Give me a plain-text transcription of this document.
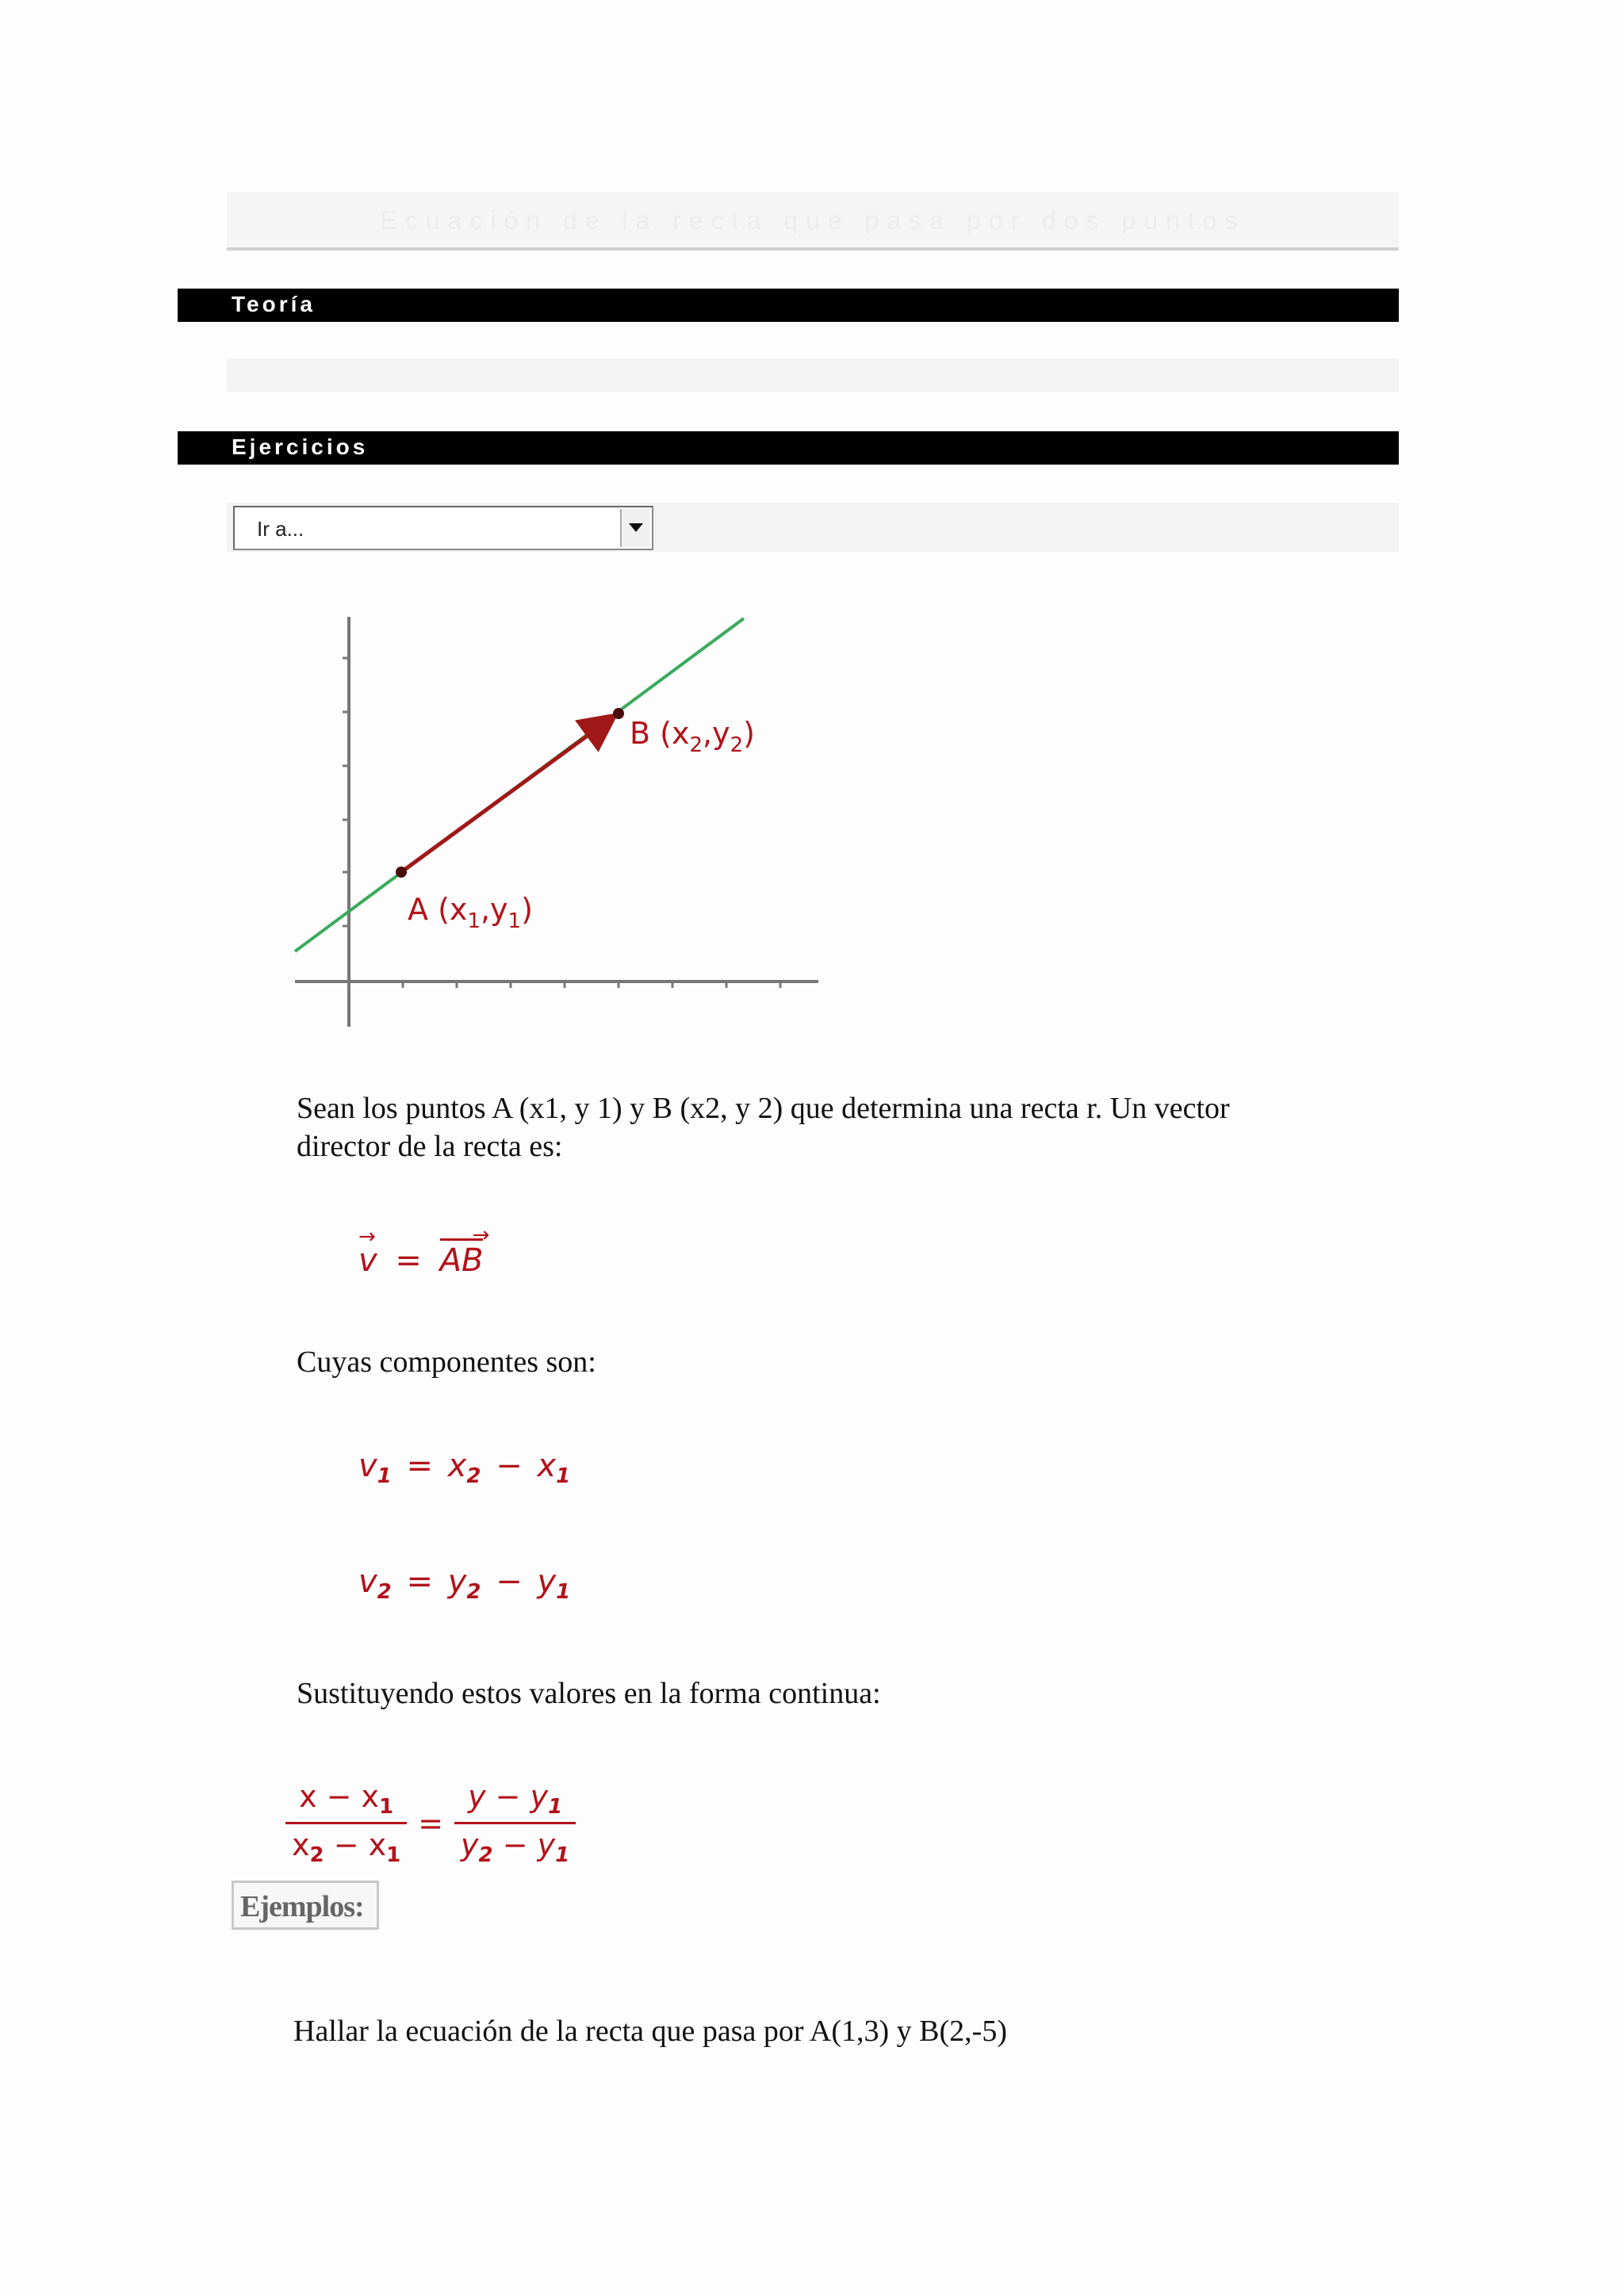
Ecuación de la recta que pasa por dos puntos
Teoría
Ejercicios
Ir a...
A $(x_1,y_1)$
B $(x_2,y_2)$
Sean los puntos A (x1, y 1) y B (x2, y 2) que determina una recta r. Un vector
director de la recta es:
→
v =
→
AB
Cuyas componentes son:
$v_1 = x_2 - x_1$
$v_2 = y_2 - y_1$
Sustituyendo estos valores en la forma continua:
$\frac{x - x_1}{x_2 - x_1} = \frac{y - y_1}{y_2 - y_1}$
Ejemplos:
Hallar la ecuación de la recta que pasa por A(1,3) y B(2,-5)
